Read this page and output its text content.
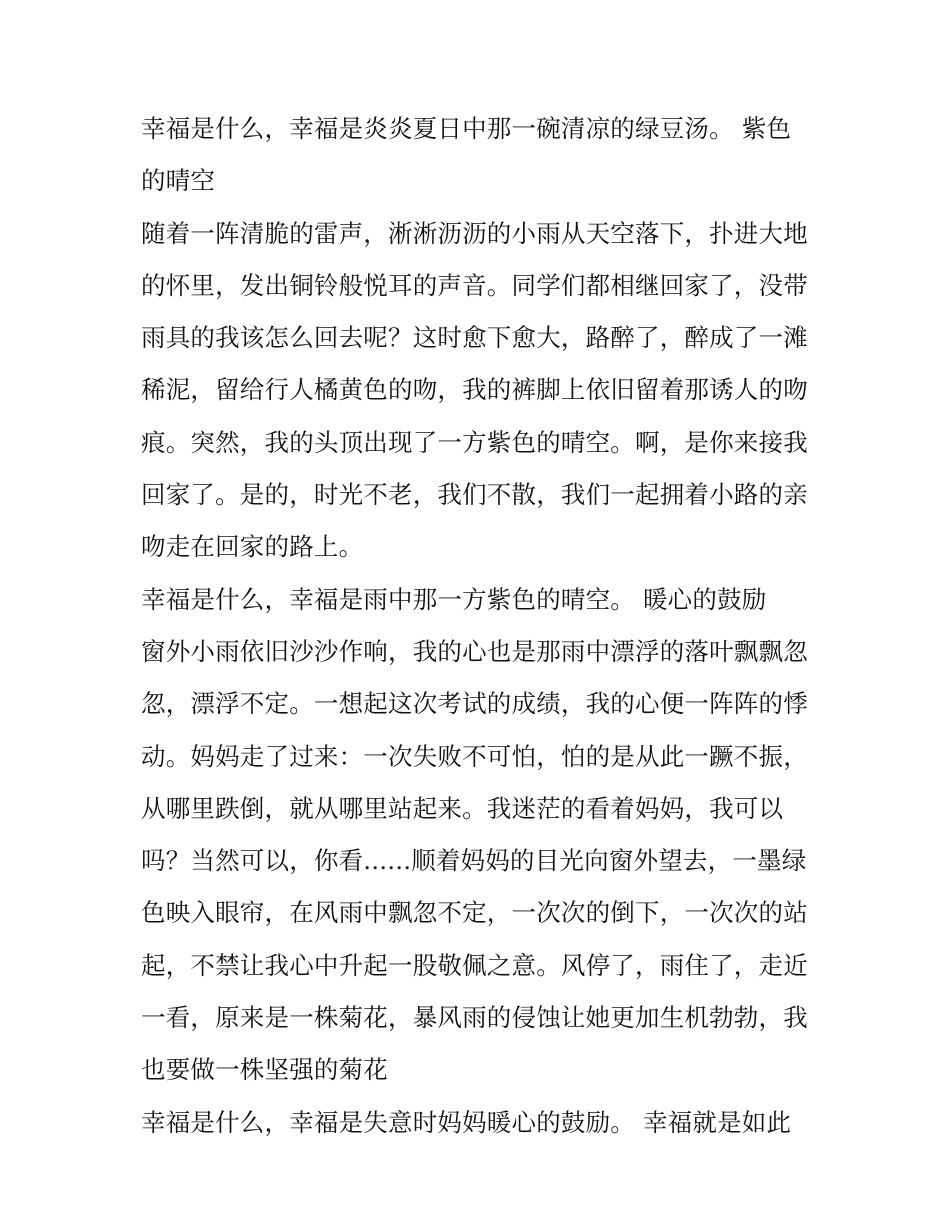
幸福是什么，幸福是炎炎夏日中那一碗清凉的绿豆汤。 紫色
的晴空
随着一阵清脆的雷声，淅淅沥沥的小雨从天空落下，扑进大地
的怀里，发出铜铃般悦耳的声音。同学们都相继回家了，没带
雨具的我该怎么回去呢？这时愈下愈大，路醉了，醉成了一滩
稀泥，留给行人橘黄色的吻，我的裤脚上依旧留着那诱人的吻
痕。突然，我的头顶出现了一方紫色的晴空。啊，是你来接我
回家了。是的，时光不老，我们不散，我们一起拥着小路的亲
吻走在回家的路上。
幸福是什么，幸福是雨中那一方紫色的晴空。 暖心的鼓励
窗外小雨依旧沙沙作响，我的心也是那雨中漂浮的落叶飘飘忽
忽，漂浮不定。一想起这次考试的成绩，我的心便一阵阵的悸
动。妈妈走了过来：一次失败不可怕，怕的是从此一蹶不振，
从哪里跌倒，就从哪里站起来。我迷茫的看着妈妈，我可以
吗？当然可以，你看......顺着妈妈的目光向窗外望去，一墨绿
色映入眼帘，在风雨中飘忽不定，一次次的倒下，一次次的站
起，不禁让我心中升起一股敬佩之意。风停了，雨住了，走近
一看，原来是一株菊花，暴风雨的侵蚀让她更加生机勃勃，我
也要做一株坚强的菊花
幸福是什么，幸福是失意时妈妈暖心的鼓励。 幸福就是如此
